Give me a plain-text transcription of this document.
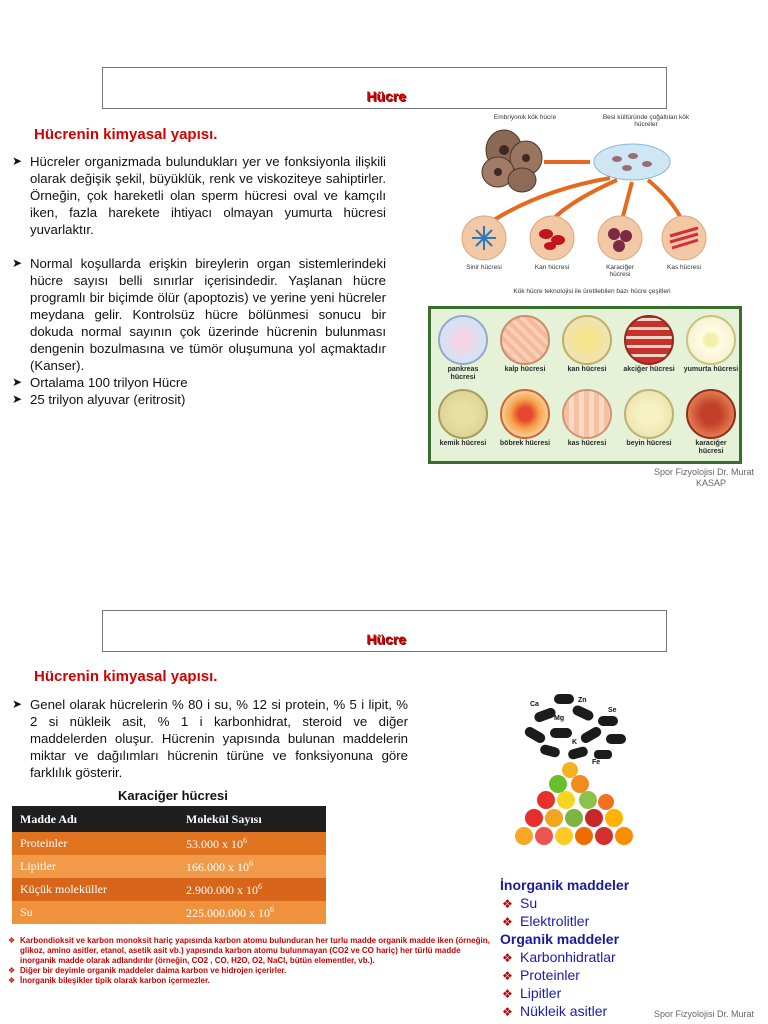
Hücre
Hücrenin kimyasal yapısı.
➤ Hücreler organizmada bulundukları yer ve fonksiyonla ilişkili olarak değişik şekil, büyüklük, renk ve viskoziteye sahiptirler. Örneğin, çok hareketli olan sperm hücresi oval ve kamçılı iken, fazla harekete ihtiyacı olmayan yumurta hücresi yuvarlaktır.
➤ Normal koşullarda erişkin bireylerin organ sistemlerindeki hücre sayısı belli sınırlar içerisindedir. Yaşlanan hücre programlı bir biçimde ölür (apoptozis) ve yerine yeni hücreler meydana gelir. Kontrolsüz hücre bölünmesi sonucu bir dokuda normal sayının çok üzerinde hücrenin bulunması dengenin bozulmasına ve tümör oluşumuna yol açmaktadır (Kanser).
➤ Ortalama 100 trilyon Hücre
➤ 25 trilyon alyuvar (eritrosit)
Embriyonik kök hücre	Besi kültüründe çoğaltılan kök hücreler
Sinir hücresi	Kan hücresi	Karaciğer hücresi
Kas hücresi
Kök hücre teknolojisi ile üretilebilen bazı hücre çeşitleri
pankreas hücresi
kalp hücresi	kan hücresi	akciğer hücresi	yumurta hücresi
kemik hücresi	böbrek hücresi	kas hücresi	beyin hücresi	karaciğer hücresi
Spor Fizyolojisi Dr. Murat
KASAP
Hücre
Hücrenin kimyasal yapısı.
➤ Genel olarak hücrelerin % 80 i su, % 12 si protein, % 5 i lipit, % 2 si nükleik asit, % 1 i karbonhidrat, steroid ve diğer maddelerden oluşur. Hücrenin yapısında bulunan maddelerin miktar ve dağılımları hücrenin türüne ve fonksiyonuna göre farklılık gösterir.
Karaciğer hücresi
Madde Adı	Molekül Sayısı
Proteinler	53.000 x $10^6$
Lipitler	166.000 x $10^6$
Küçük moleküller	2.900.000 x $10^6$
Su	225.000.000 x $10^6$
❖ Karbondioksit ve karbon monoksit hariç yapısında karbon atomu bulunduran her turlu madde organik madde iken (örneğin, glikoz, amino asitler, etanol, asetik asit vb.) yapısında karbon atomu bulunmayan (CO2 ve CO hariç) her türlü madde inorganik madde olarak adlandırılır (örneğin, CO2 , CO, H2O, O2, NaCl, bütün elementler, vb.).
❖ Diğer bir deyimle organik maddeler daima karbon ve hidrojen içerirler.
❖ İnorganik bileşikler tipik olarak karbon içermezler.
Ca
Mg
Zn
Se
K
Fe
İnorganik maddeler
❖ Su
❖ Elektrolitler
Organik maddeler
❖ Karbonhidratlar
❖ Proteinler
❖ Lipitler
❖ Nükleik asitler	Spor Fizyolojisi Dr. Murat
